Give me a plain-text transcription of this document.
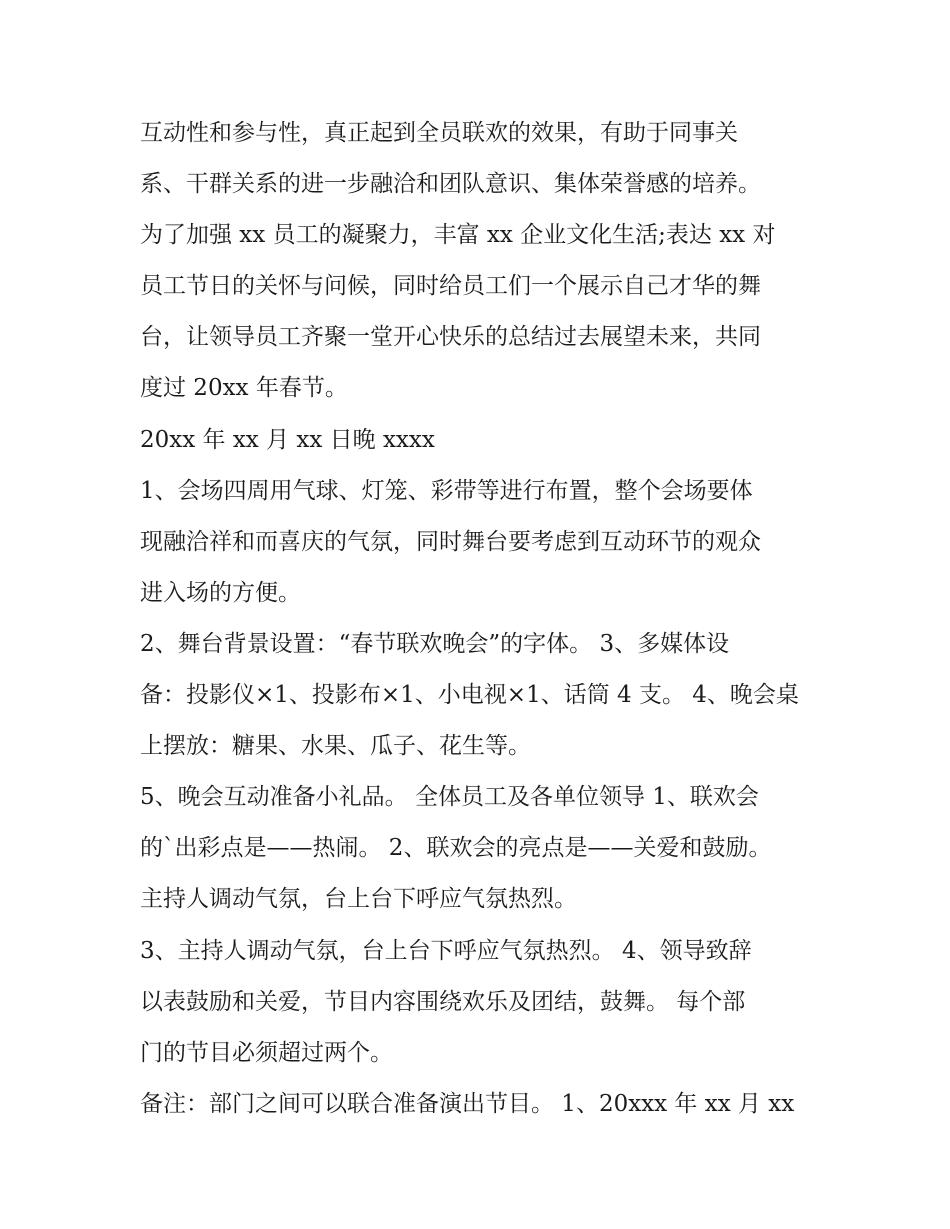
互动性和参与性，真正起到全员联欢的效果，有助于同事关
系、干群关系的进一步融洽和团队意识、集体荣誉感的培养。
为了加强 xx 员工的凝聚力，丰富 xx 企业文化生活;表达 xx 对
员工节日的关怀与问候，同时给员工们一个展示自己才华的舞
台，让领导员工齐聚一堂开心快乐的总结过去展望未来，共同
度过 20xx 年春节。
20xx 年 xx 月 xx 日晚 xxxx
1、会场四周用气球、灯笼、彩带等进行布置，整个会场要体
现融洽祥和而喜庆的气氛，同时舞台要考虑到互动环节的观众
进入场的方便。
2、舞台背景设置：“春节联欢晚会”的字体。 3、多媒体设
备：投影仪×1、投影布×1、小电视×1、话筒 4 支。 4、晚会桌
上摆放：糖果、水果、瓜子、花生等。
5、晚会互动准备小礼品。 全体员工及各单位领导 1、联欢会
的`出彩点是——热闹。 2、联欢会的亮点是——关爱和鼓励。
主持人调动气氛，台上台下呼应气氛热烈。
3、主持人调动气氛，台上台下呼应气氛热烈。 4、领导致辞
以表鼓励和关爱，节目内容围绕欢乐及团结，鼓舞。 每个部
门的节目必须超过两个。
备注：部门之间可以联合准备演出节目。 1、20xxx 年 xx 月 xx
